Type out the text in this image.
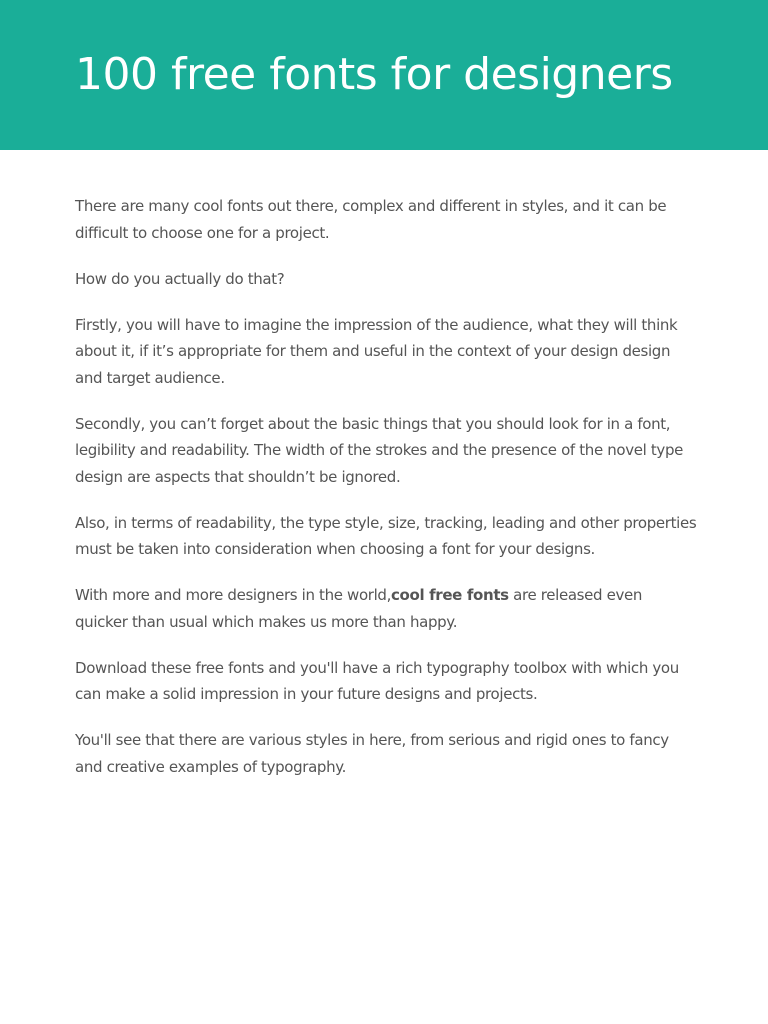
100 free fonts for designers

There are many cool fonts out there, complex and different in styles, and it can be difficult to choose one for a project.

How do you actually do that?

Firstly, you will have to imagine the impression of the audience, what they will think about it, if it’s appropriate for them and useful in the context of your design design and target audience.

Secondly, you can’t forget about the basic things that you should look for in a font, legibility and readability. The width of the strokes and the presence of the novel type design are aspects that shouldn’t be ignored.

Also, in terms of readability, the type style, size, tracking, leading and other properties must be taken into consideration when choosing a font for your designs.

With more and more designers in the world,cool free fonts are released even quicker than usual which makes us more than happy.

Download these free fonts and you'll have a rich typography toolbox with which you can make a solid impression in your future designs and projects.

You'll see that there are various styles in here, from serious and rigid ones to fancy and creative examples of typography.
